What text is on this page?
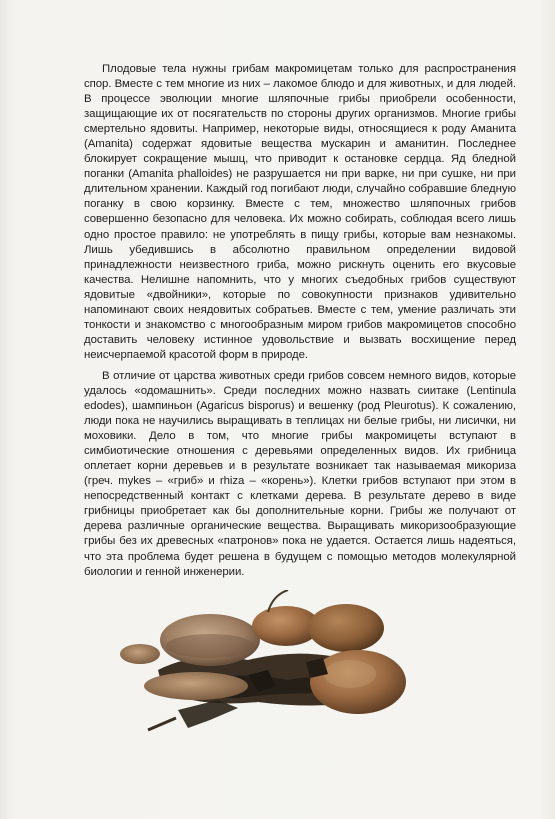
Плодовые тела нужны грибам макромицетам только для распространения спор. Вместе с тем многие из них – лакомое блюдо и для животных, и для людей. В процессе эволюции многие шляпочные грибы приобрели особенности, защищающие их от посягательств по стороны других организмов. Многие грибы смертельно ядовиты. Например, некоторые виды, относящиеся к роду Аманита (Amanita) содержат ядовитые вещества мускарин и аманитин. Последнее блокирует сокращение мышц, что приводит к остановке сердца. Яд бледной поганки (Amanita phalloides) не разрушается ни при варке, ни при сушке, ни при длительном хранении. Каждый год погибают люди, случайно собравшие бледную поганку в свою корзинку. Вместе с тем, множество шляпочных грибов совершенно безопасно для человека. Их можно собирать, соблюдая всего лишь одно простое правило: не употреблять в пищу грибы, которые вам незнакомы. Лишь убедившись в абсолютно правильном определении видовой принадлежности неизвестного гриба, можно рискнуть оценить его вкусовые качества. Нелишне напомнить, что у многих съедобных грибов существуют ядовитые «двойники», которые по совокупности признаков удивительно напоминают своих неядовитых собратьев. Вместе с тем, умение различать эти тонкости и знакомство с многообразным миром грибов макромицетов способно доставить человеку истинное удовольствие и вызвать восхищение перед неисчерпаемой красотой форм в природе.

В отличие от царства животных среди грибов совсем немного видов, которые удалось «одомашнить». Среди последних можно назвать сиитаке (Lentinula edodes), шампиньон (Agaricus bisporus) и вешенку (род Pleurotus). К сожалению, люди пока не научились выращивать в теплицах ни белые грибы, ни лисички, ни моховики. Дело в том, что многие грибы макромицеты вступают в симбиотические отношения с деревьями определенных видов. Их грибница оплетает корни деревьев и в результате возникает так называемая микориза (греч. mykes – «гриб» и rhiza – «корень»). Клетки грибов вступают при этом в непосредственный контакт с клетками дерева. В результате дерево в виде грибницы приобретает как бы дополнительные корни. Грибы же получают от дерева различные органические вещества. Выращивать микоризообразующие грибы без их древесных «патронов» пока не удается. Остается лишь надеяться, что эта проблема будет решена в будущем с помощью методов молекулярной биологии и генной инженерии.
